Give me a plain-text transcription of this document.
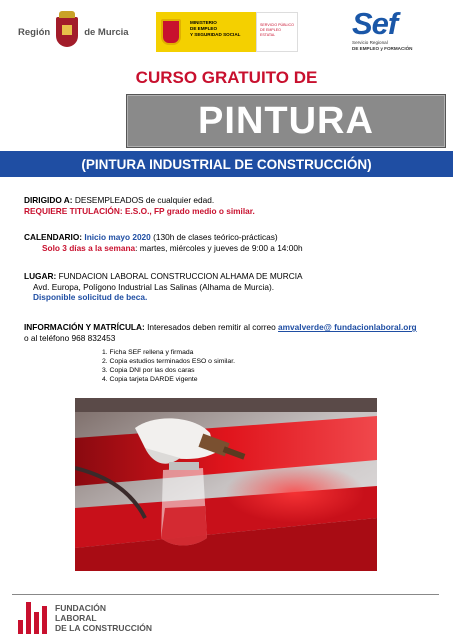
Región	de Murcia
MINISTERIO
DE EMPLEO
Y SEGURIDAD SOCIAL
SERVICIO PÚBLICO DE EMPLEO ESTATAL	Sef
Servicio Regional
DE EMPLEO y FORMACIÓN
CURSO GRATUITO DE
PINTURA
(PINTURA INDUSTRIAL DE CONSTRUCCIÓN)
DIRIGIDO A: DESEMPLEADOS de cualquier edad.
REQUIERE TITULACIÓN: E.S.O., FP grado medio o similar.
CALENDARIO: Inicio mayo 2020 (130h de clases teórico-prácticas)
Solo 3 días a la semana: martes, miércoles y jueves de 9:00 a 14:00h
LUGAR: FUNDACION LABORAL CONSTRUCCION ALHAMA DE MURCIA
Avd. Europa, Polígono Industrial Las Salinas (Alhama de Murcia).
Disponible solicitud de beca.
INFORMACIÓN Y MATRÍCULA: Interesados deben remitir al correo amvalverde@ fundacionlaboral.org
o al teléfono 968 832453
1. Ficha SEF rellena y firmada
2. Copia estudios terminados ESO o similar.
3. Copia DNI por las dos caras
4. Copia tarjeta DARDE vigente
FUNDACIÓN
LABORAL
DE LA CONSTRUCCIÓN
